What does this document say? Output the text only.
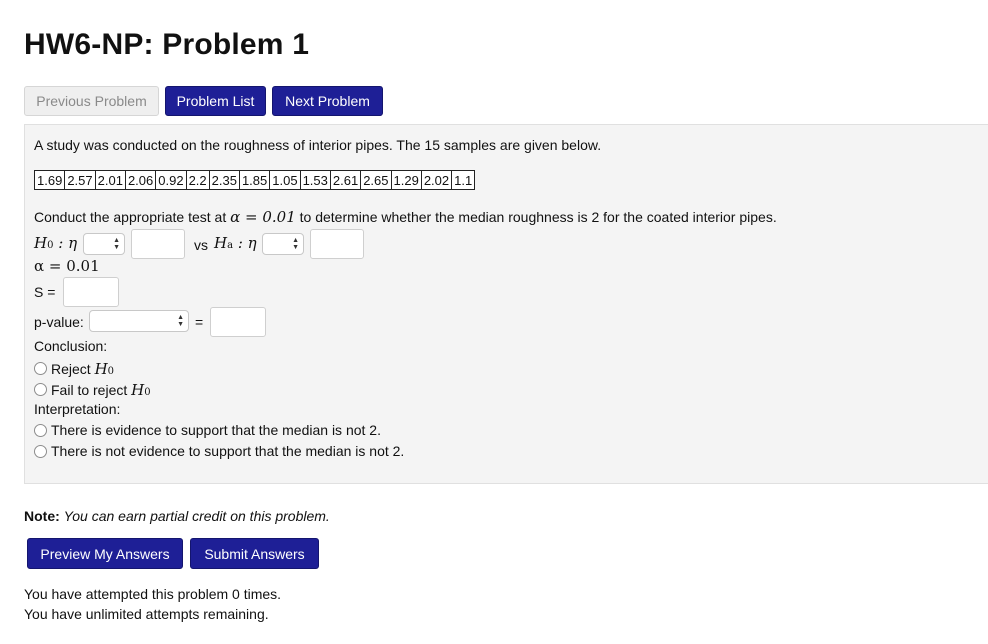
HW6-NP: Problem 1
Previous Problem	Problem List	Next Problem
A study was conducted on the roughness of interior pipes. The 15 samples are given below.
1.69	2.57	2.01	2.06	0.92	2.2	2.35	1.85	1.05	1.53	2.61	2.65	1.29	2.02	1.1
Conduct the appropriate test at α = 0.01 to determine whether the median roughness is 2 for the coated interior pipes.
H0 : η	▲
▼	vs Ha : η	▲
▼
α = 0.01
S =
p-value:	▲
▼ =
Conclusion:
Reject H0
Fail to reject H0
Interpretation:
There is evidence to support that the median is not 2.
There is not evidence to support that the median is not 2.
Note: You can earn partial credit on this problem.
Preview My Answers	Submit Answers
You have attempted this problem 0 times.
You have unlimited attempts remaining.
